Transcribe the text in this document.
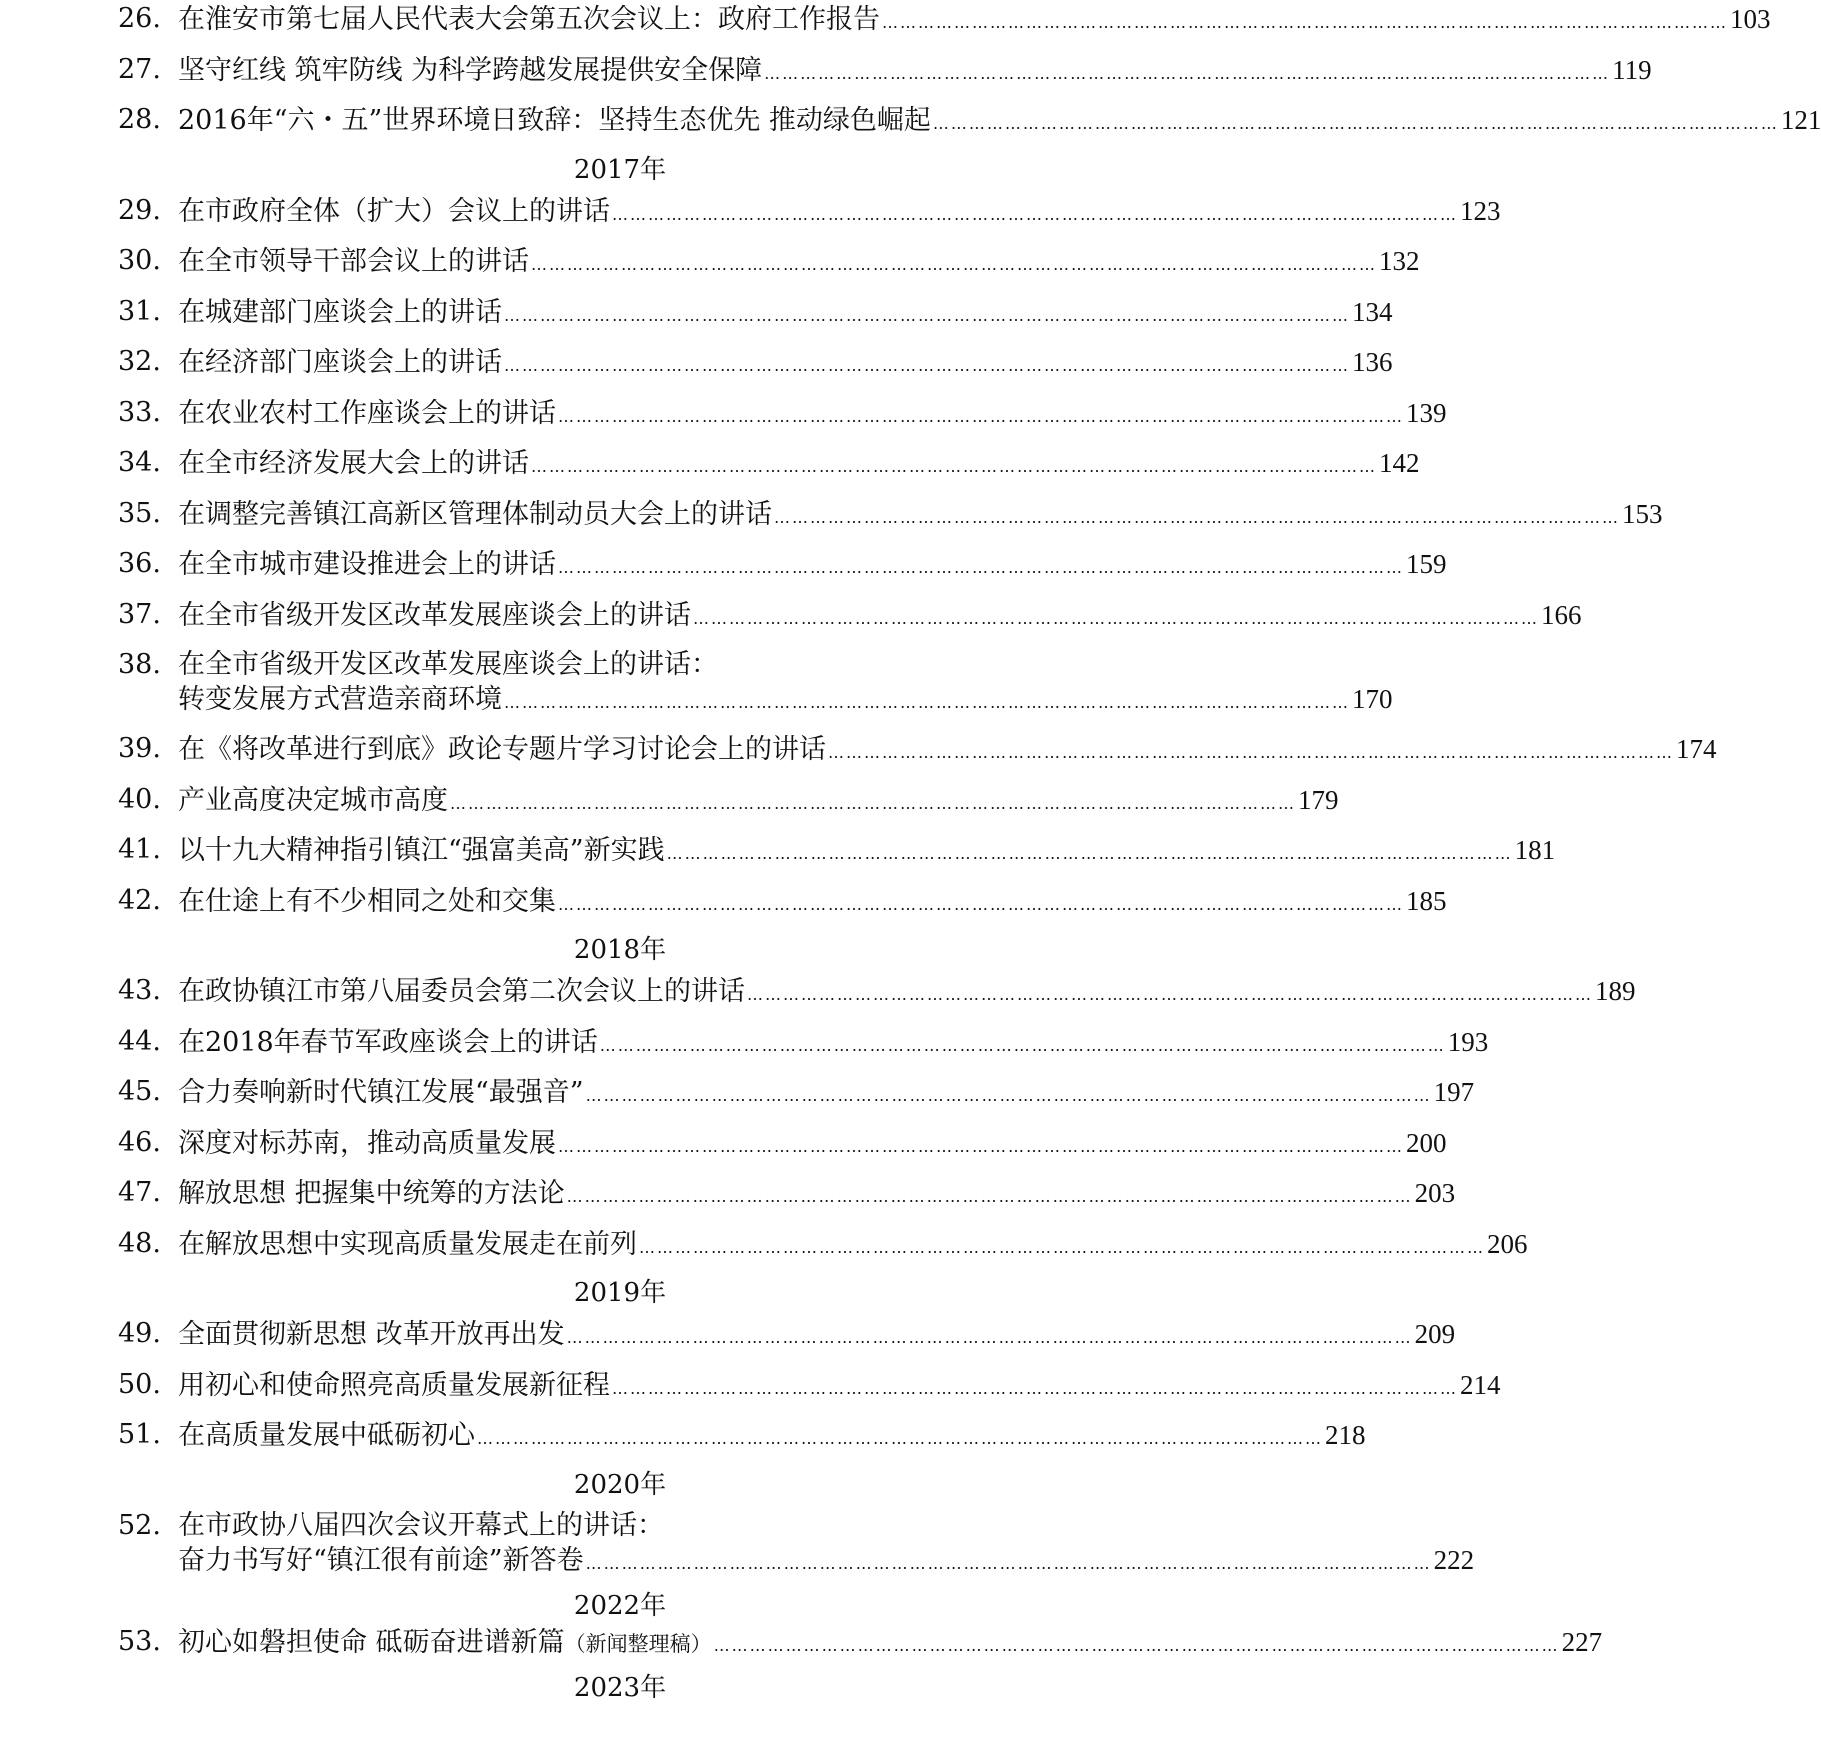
26. 在淮安市第七届人民代表大会第五次会议上：政府工作报告 …………………………………………………………………………………………………………………………… 103
27. 坚守红线 筑牢防线 为科学跨越发展提供安全保障 …………………………………………………………………………………………………………………………… 119
28. 2016年“六・五”世界环境日致辞：坚持生态优先 推动绿色崛起 …………………………………………………………………………………………………………………………… 121
2017年
29. 在市政府全体（扩大）会议上的讲话 …………………………………………………………………………………………………………………………… 123
30. 在全市领导干部会议上的讲话 …………………………………………………………………………………………………………………………… 132
31. 在城建部门座谈会上的讲话 …………………………………………………………………………………………………………………………… 134
32. 在经济部门座谈会上的讲话 …………………………………………………………………………………………………………………………… 136
33. 在农业农村工作座谈会上的讲话 …………………………………………………………………………………………………………………………… 139
34. 在全市经济发展大会上的讲话 …………………………………………………………………………………………………………………………… 142
35. 在调整完善镇江高新区管理体制动员大会上的讲话 …………………………………………………………………………………………………………………………… 153
36. 在全市城市建设推进会上的讲话 …………………………………………………………………………………………………………………………… 159
37. 在全市省级开发区改革发展座谈会上的讲话 …………………………………………………………………………………………………………………………… 166
38. 在全市省级开发区改革发展座谈会上的讲话：
转变发展方式营造亲商环境 …………………………………………………………………………………………………………………………… 170
39. 在《将改革进行到底》政论专题片学习讨论会上的讲话 …………………………………………………………………………………………………………………………… 174
40. 产业高度决定城市高度 …………………………………………………………………………………………………………………………… 179
41. 以十九大精神指引镇江“强富美高”新实践 …………………………………………………………………………………………………………………………… 181
42. 在仕途上有不少相同之处和交集 …………………………………………………………………………………………………………………………… 185
2018年
43. 在政协镇江市第八届委员会第二次会议上的讲话 …………………………………………………………………………………………………………………………… 189
44. 在2018年春节军政座谈会上的讲话 …………………………………………………………………………………………………………………………… 193
45. 合力奏响新时代镇江发展“最强音” …………………………………………………………………………………………………………………………… 197
46. 深度对标苏南，推动高质量发展 …………………………………………………………………………………………………………………………… 200
47. 解放思想 把握集中统筹的方法论 …………………………………………………………………………………………………………………………… 203
48. 在解放思想中实现高质量发展走在前列 …………………………………………………………………………………………………………………………… 206
2019年
49. 全面贯彻新思想 改革开放再出发 …………………………………………………………………………………………………………………………… 209
50. 用初心和使命照亮高质量发展新征程 …………………………………………………………………………………………………………………………… 214
51. 在高质量发展中砥砺初心 …………………………………………………………………………………………………………………………… 218
2020年
52. 在市政协八届四次会议开幕式上的讲话：
奋力书写好“镇江很有前途”新答卷 …………………………………………………………………………………………………………………………… 222
2022年
53. 初心如磐担使命 砥砺奋进谱新篇（新闻整理稿） …………………………………………………………………………………………………………………………… 227
2023年
